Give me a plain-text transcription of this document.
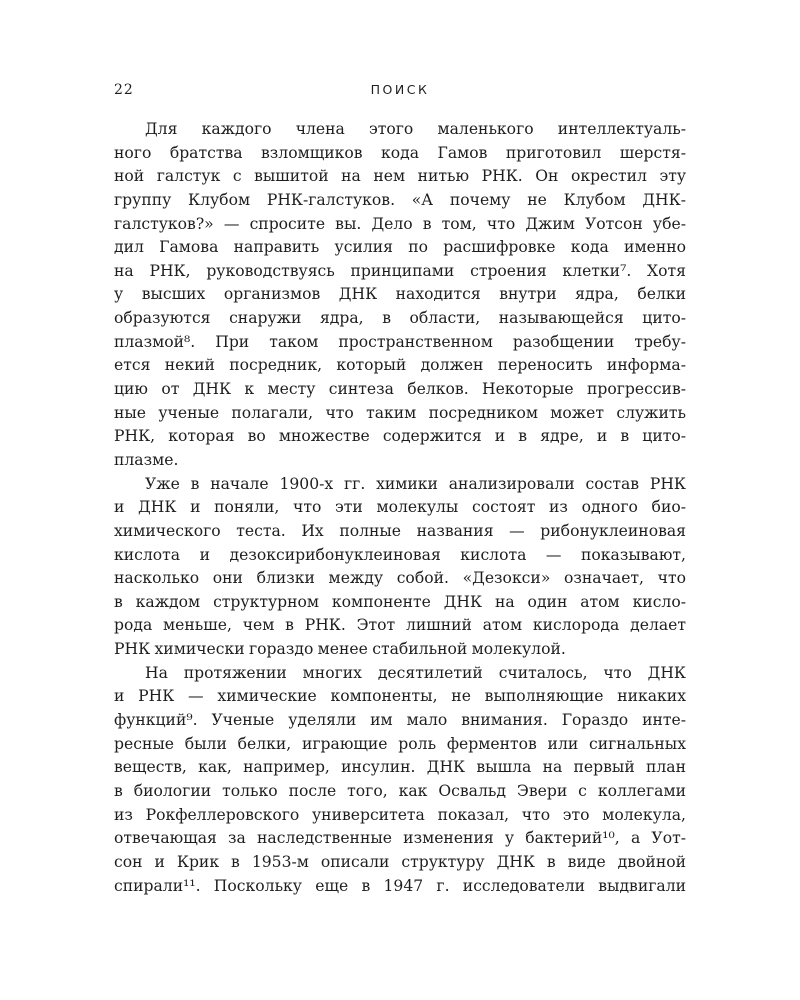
22	ПОИСК
Для каждого члена этого маленького интеллектуаль-
ного братства взломщиков кода Гамов приготовил шерстя-
ной галстук с вышитой на нем нитью РНК. Он окрестил эту
группу Клубом РНК-галстуков. «А почему не Клубом ДНК-
галстуков?» — спросите вы. Дело в том, что Джим Уотсон убе-
дил Гамова направить усилия по расшифровке кода именно
на РНК, руководствуясь принципами строения клетки⁷. Хотя
у высших организмов ДНК находится внутри ядра, белки
образуются снаружи ядра, в области, называющейся цито-
плазмой⁸. При таком пространственном разобщении требу-
ется некий посредник, который должен переносить информа-
цию от ДНК к месту синтеза белков. Некоторые прогрессив-
ные ученые полагали, что таким посредником может служить
РНК, которая во множестве содержится и в ядре, и в цито-
плазме.
Уже в начале 1900-х гг. химики анализировали состав РНК
и ДНК и поняли, что эти молекулы состоят из одного био-
химического теста. Их полные названия — рибонуклеиновая
кислота и дезоксирибонуклеиновая кислота — показывают,
насколько они близки между собой. «Дезокси» означает, что
в каждом структурном компоненте ДНК на один атом кисло-
рода меньше, чем в РНК. Этот лишний атом кислорода делает
РНК химически гораздо менее стабильной молекулой.
На протяжении многих десятилетий считалось, что ДНК
и РНК — химические компоненты, не выполняющие никаких
функций⁹. Ученые уделяли им мало внимания. Гораздо инте-
ресные были белки, играющие роль ферментов или сигнальных
веществ, как, например, инсулин. ДНК вышла на первый план
в биологии только после того, как Освальд Эвери с коллегами
из Рокфеллеровского университета показал, что это молекула,
отвечающая за наследственные изменения у бактерий¹⁰, а Уот-
сон и Крик в 1953-м описали структуру ДНК в виде двойной
спирали¹¹. Поскольку еще в 1947 г. исследователи выдвигали
